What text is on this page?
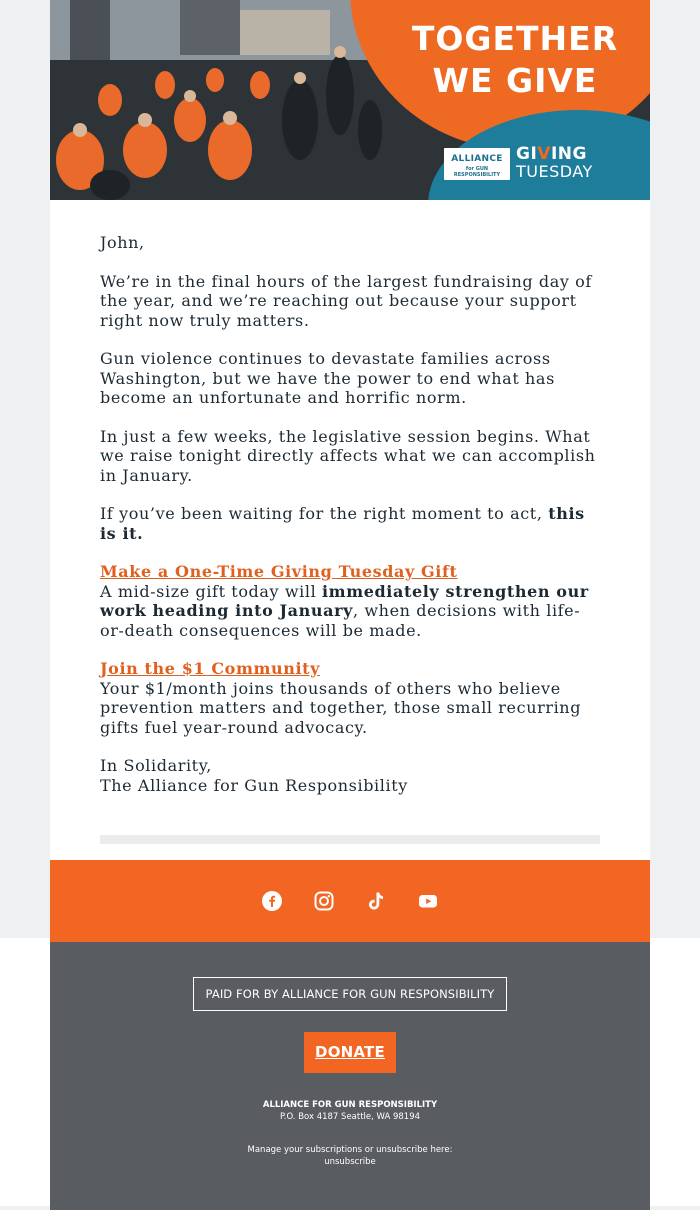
TOGETHER
WE GIVE
ALLIANCE
for GUN RESPONSIBILITY
GIVING
TUESDAY

John,

We’re in the final hours of the largest fundraising day of the year, and we’re reaching out because your support right now truly matters.

Gun violence continues to devastate families across Washington, but we have the power to end what has become an unfortunate and horrific norm.

In just a few weeks, the legislative session begins. What we raise tonight directly affects what we can accomplish in January.

If you’ve been waiting for the right moment to act, this is it.

Make a One-Time Giving Tuesday Gift
A mid-size gift today will immediately strengthen our work heading into January, when decisions with life-or-death consequences will be made.

Join the $1 Community
Your $1/month joins thousands of others who believe prevention matters and together, those small recurring gifts fuel year-round advocacy.

In Solidarity,
The Alliance for Gun Responsibility

PAID FOR BY ALLIANCE FOR GUN RESPONSIBILITY
DONATE
ALLIANCE FOR GUN RESPONSIBILITY
P.O. Box 4187 Seattle, WA 98194
Manage your subscriptions or unsubscribe here:
unsubscribe
